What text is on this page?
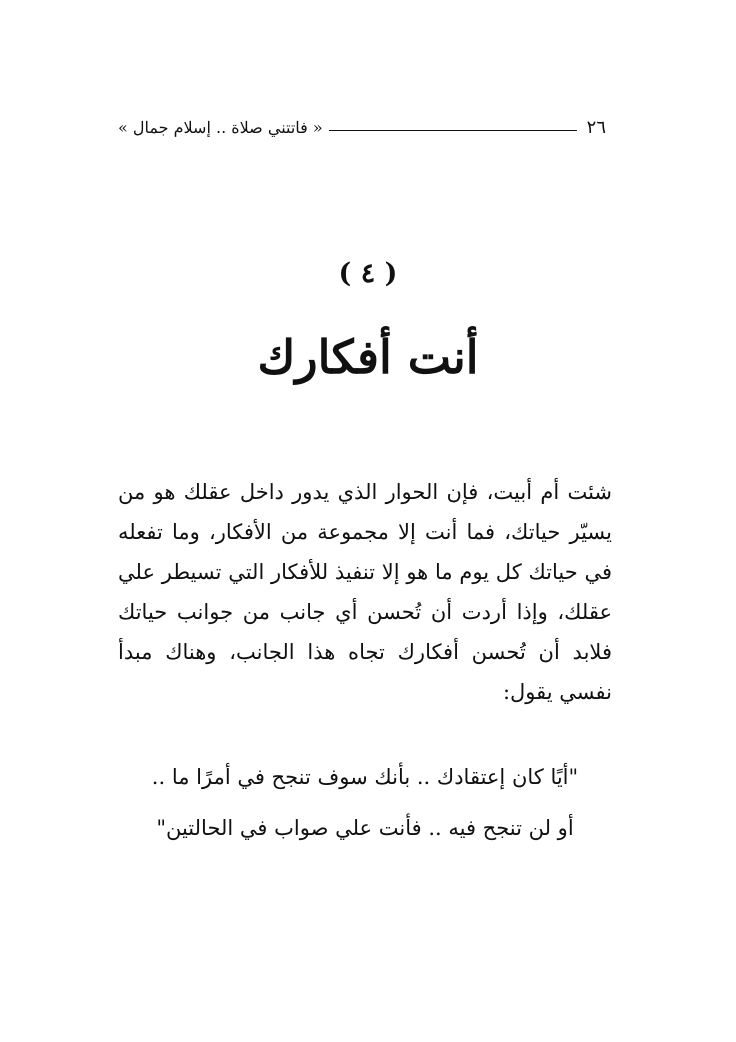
٢٦
« فاتتني صلاة .. إسلام جمال »
( ٤ )
أنت أفكارك

شئت أم أبيت، فإن الحوار الذي يدور داخل عقلك هو من يسيّر حياتك، فما أنت إلا مجموعة من الأفكار، وما تفعله في حياتك كل يوم ما هو إلا تنفيذ للأفكار التي تسيطر علي عقلك، وإذا أردت أن تُحسن أي جانب من جوانب حياتك فلابد أن تُحسن أفكارك تجاه هذا الجانب، وهناك مبدأ نفسي يقول:

"أيًا كان إعتقادك .. بأنك سوف تنجح في أمرًا ما ..
أو لن تنجح فيه .. فأنت علي صواب في الحالتين"
